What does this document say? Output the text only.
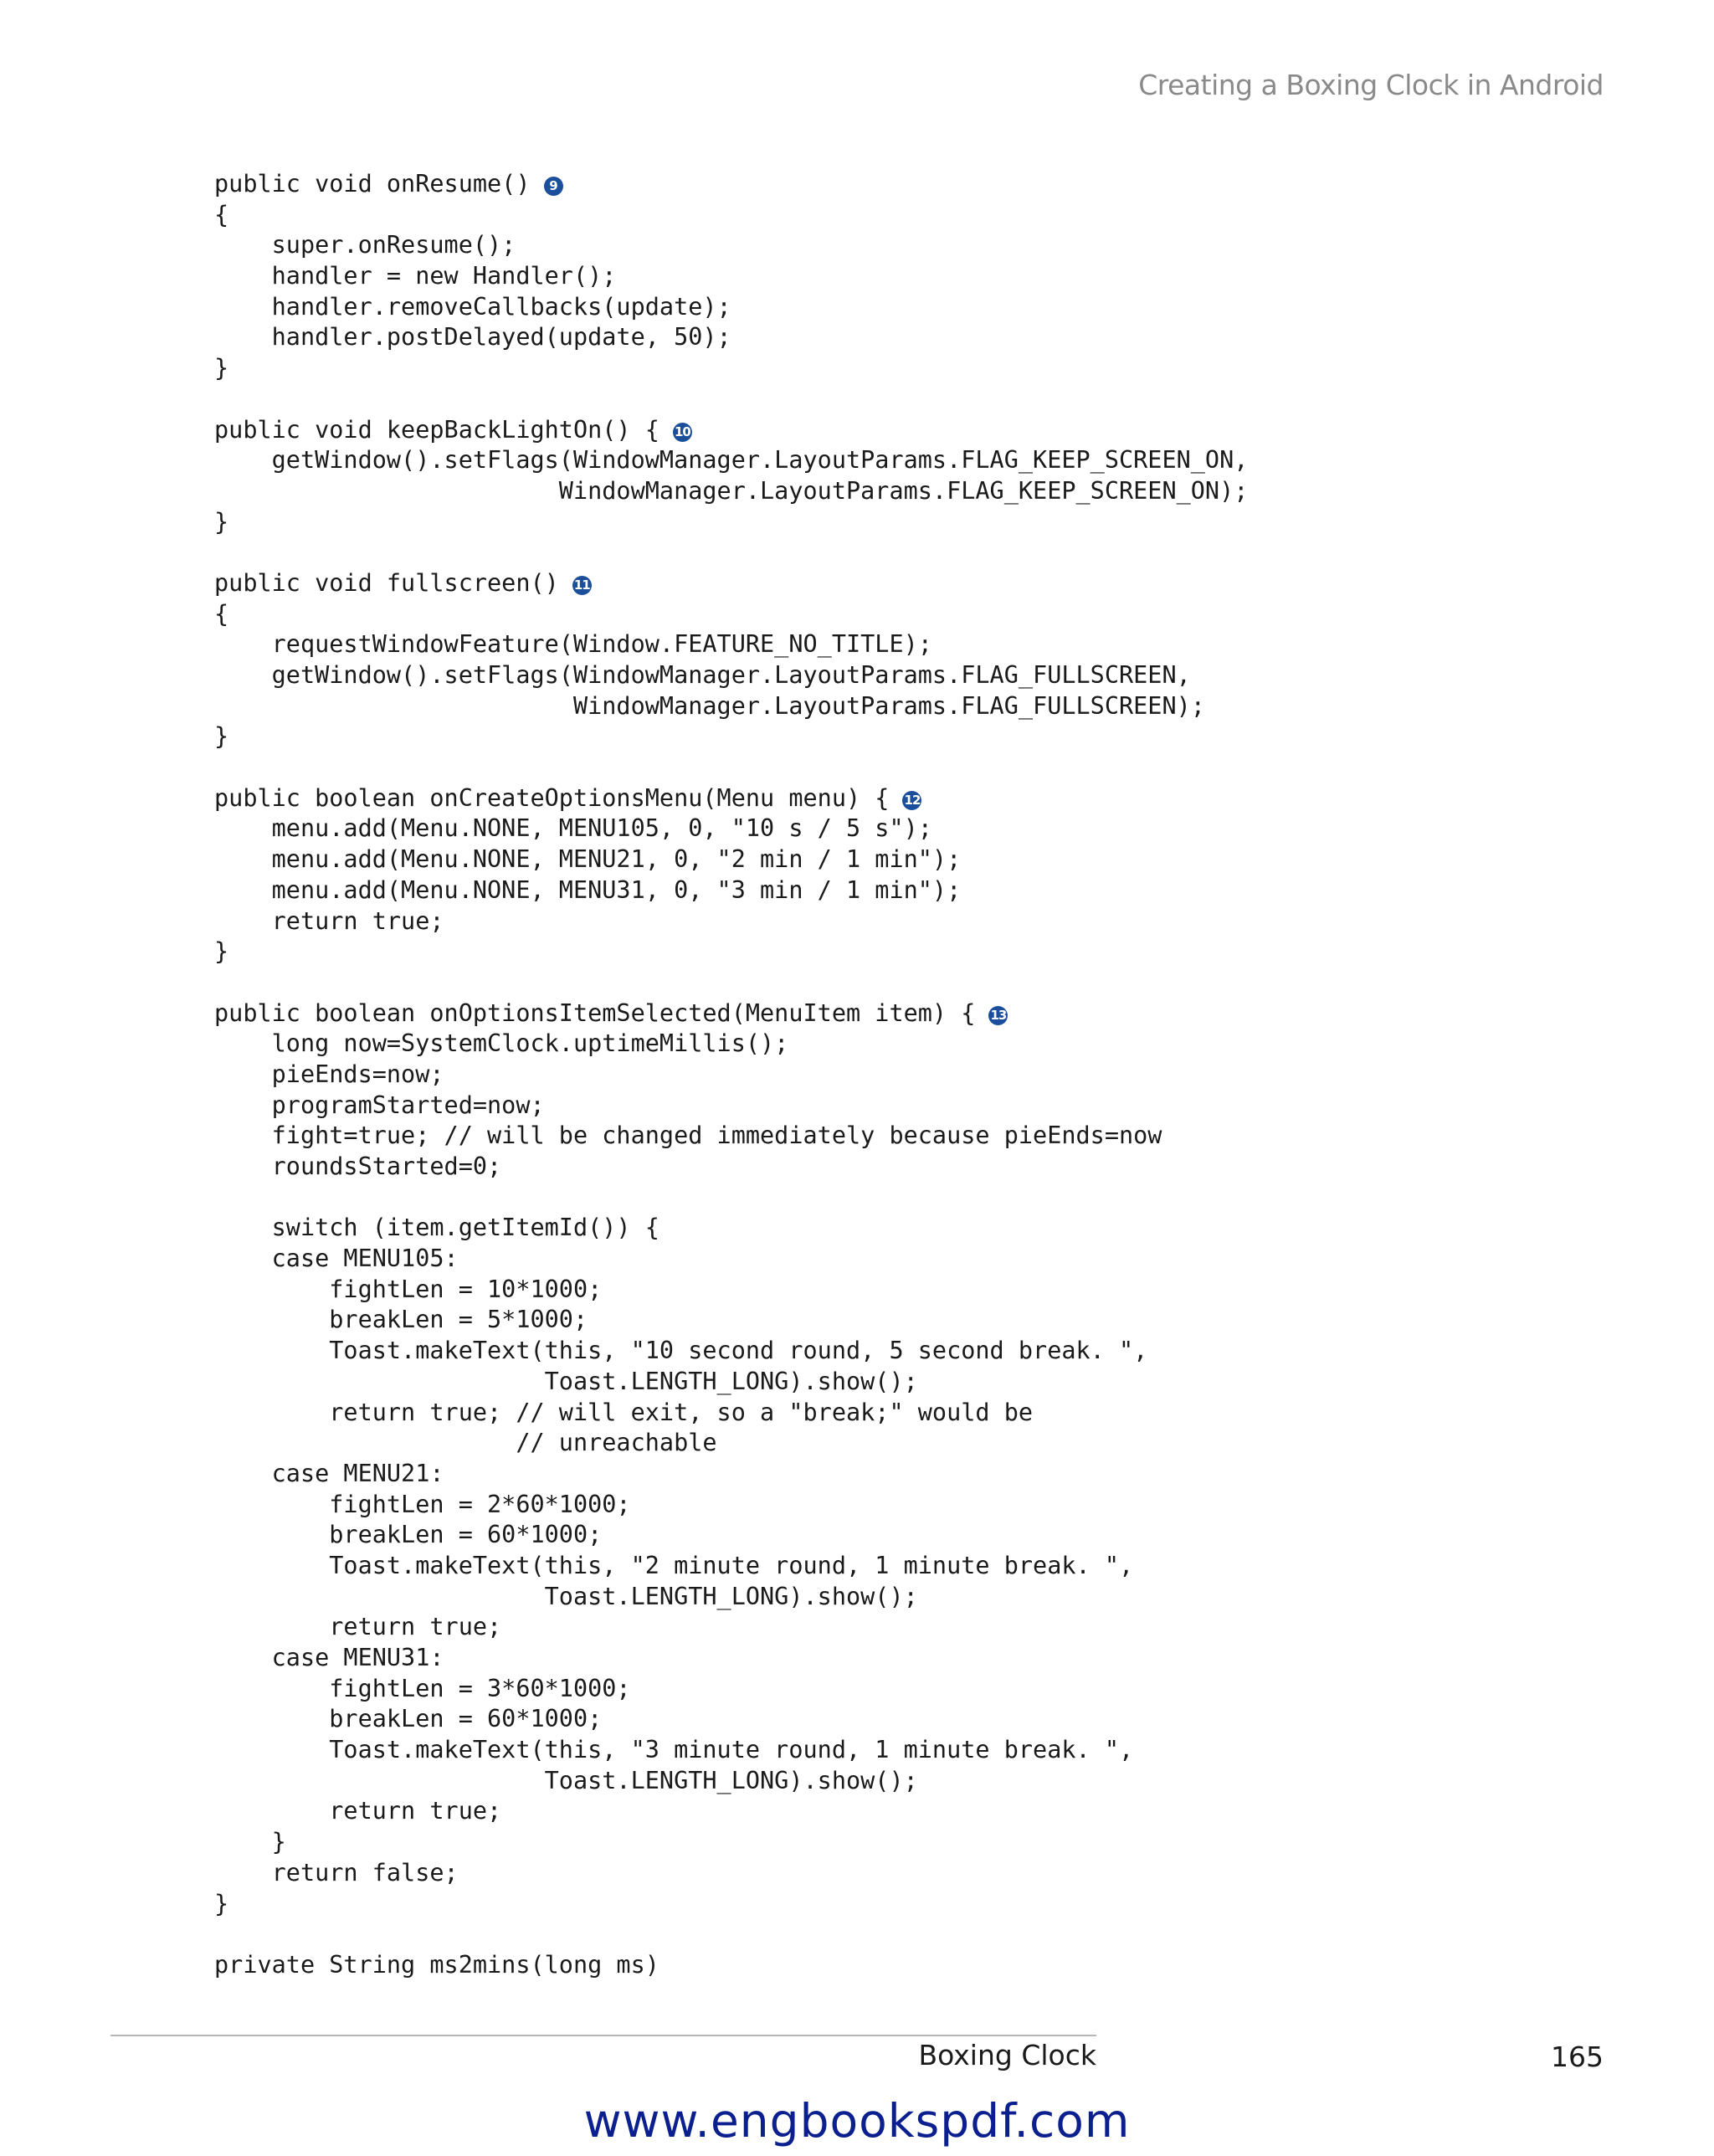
Creating a Boxing Clock in Android
public void onResume() 9
{
super.onResume();
handler = new Handler();
handler.removeCallbacks(update);
handler.postDelayed(update, 50);
}
public void keepBackLightOn() { 10
getWindow().setFlags(WindowManager.LayoutParams.FLAG_KEEP_SCREEN_ON,
WindowManager.LayoutParams.FLAG_KEEP_SCREEN_ON);
}
public void fullscreen() 11
{
requestWindowFeature(Window.FEATURE_NO_TITLE);
getWindow().setFlags(WindowManager.LayoutParams.FLAG_FULLSCREEN,
WindowManager.LayoutParams.FLAG_FULLSCREEN);
}
public boolean onCreateOptionsMenu(Menu menu) { 12
menu.add(Menu.NONE, MENU105, 0, "10 s / 5 s");
menu.add(Menu.NONE, MENU21, 0, "2 min / 1 min");
menu.add(Menu.NONE, MENU31, 0, "3 min / 1 min");
return true;
}
public boolean onOptionsItemSelected(MenuItem item) { 13
long now=SystemClock.uptimeMillis();
pieEnds=now;
programStarted=now;
fight=true; // will be changed immediately because pieEnds=now
roundsStarted=0;
switch (item.getItemId()) {
case MENU105:
fightLen = 10*1000;
breakLen = 5*1000;
Toast.makeText(this, "10 second round, 5 second break. ",
Toast.LENGTH_LONG).show();
return true; // will exit, so a "break;" would be
// unreachable
case MENU21:
fightLen = 2*60*1000;
breakLen = 60*1000;
Toast.makeText(this, "2 minute round, 1 minute break. ",
Toast.LENGTH_LONG).show();
return true;
case MENU31:
fightLen = 3*60*1000;
breakLen = 60*1000;
Toast.makeText(this, "3 minute round, 1 minute break. ",
Toast.LENGTH_LONG).show();
return true;
}
return false;
}
private String ms2mins(long ms)
Boxing Clock	165
www.engbookspdf.com
